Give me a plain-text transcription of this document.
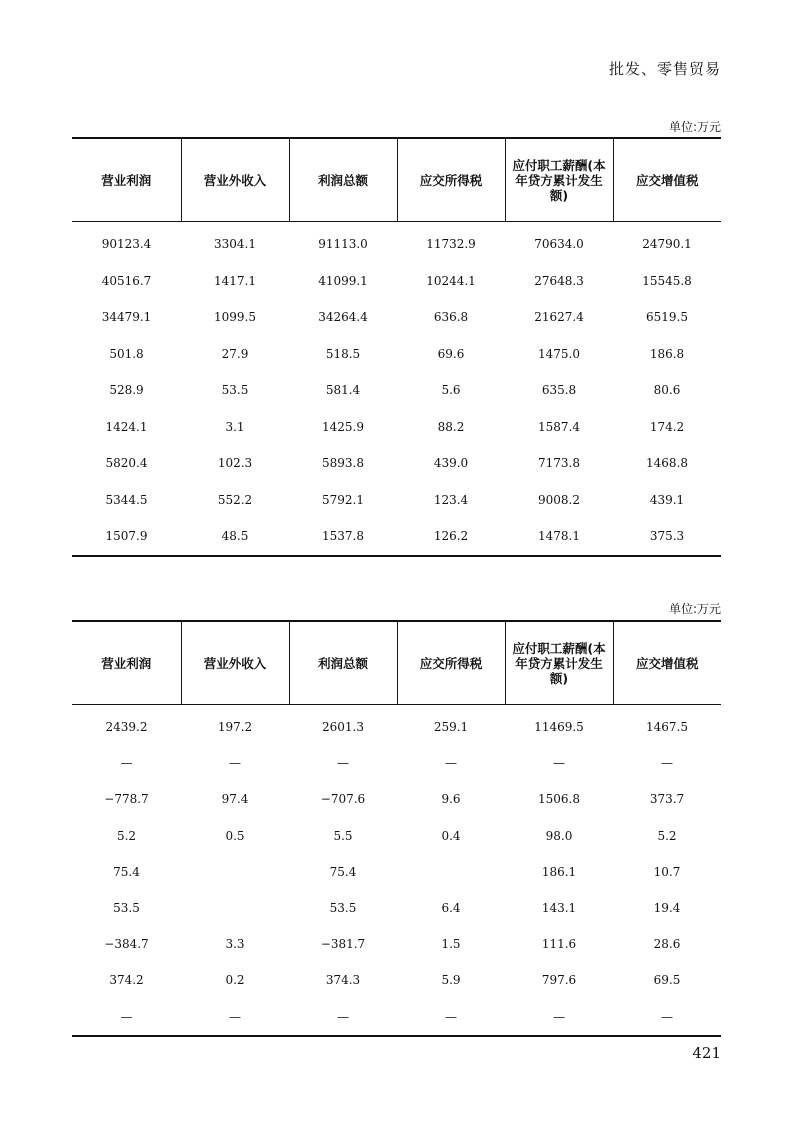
批发、零售贸易
单位:万元
营业利润	营业外收入	利润总额	应交所得税	应付职工薪酬(本年贷方累计发生额)	应交增值税
90123.4	3304.1	91113.0	11732.9	70634.0	24790.1
40516.7	1417.1	41099.1	10244.1	27648.3	15545.8
34479.1	1099.5	34264.4	636.8	21627.4	6519.5
501.8	27.9	518.5	69.6	1475.0	186.8
528.9	53.5	581.4	5.6	635.8	80.6
1424.1	3.1	1425.9	88.2	1587.4	174.2
5820.4	102.3	5893.8	439.0	7173.8	1468.8
5344.5	552.2	5792.1	123.4	9008.2	439.1
1507.9	48.5	1537.8	126.2	1478.1	375.3
单位:万元
营业利润	营业外收入	利润总额	应交所得税	应付职工薪酬(本年贷方累计发生额)	应交增值税
2439.2	197.2	2601.3	259.1	11469.5	1467.5
—	—	—	—	—	—
−778.7	97.4	−707.6	9.6	1506.8	373.7
5.2	0.5	5.5	0.4	98.0	5.2
75.4		75.4		186.1	10.7
53.5		53.5	6.4	143.1	19.4
−384.7	3.3	−381.7	1.5	111.6	28.6
374.2	0.2	374.3	5.9	797.6	69.5
—	—	—	—	—	—
421
